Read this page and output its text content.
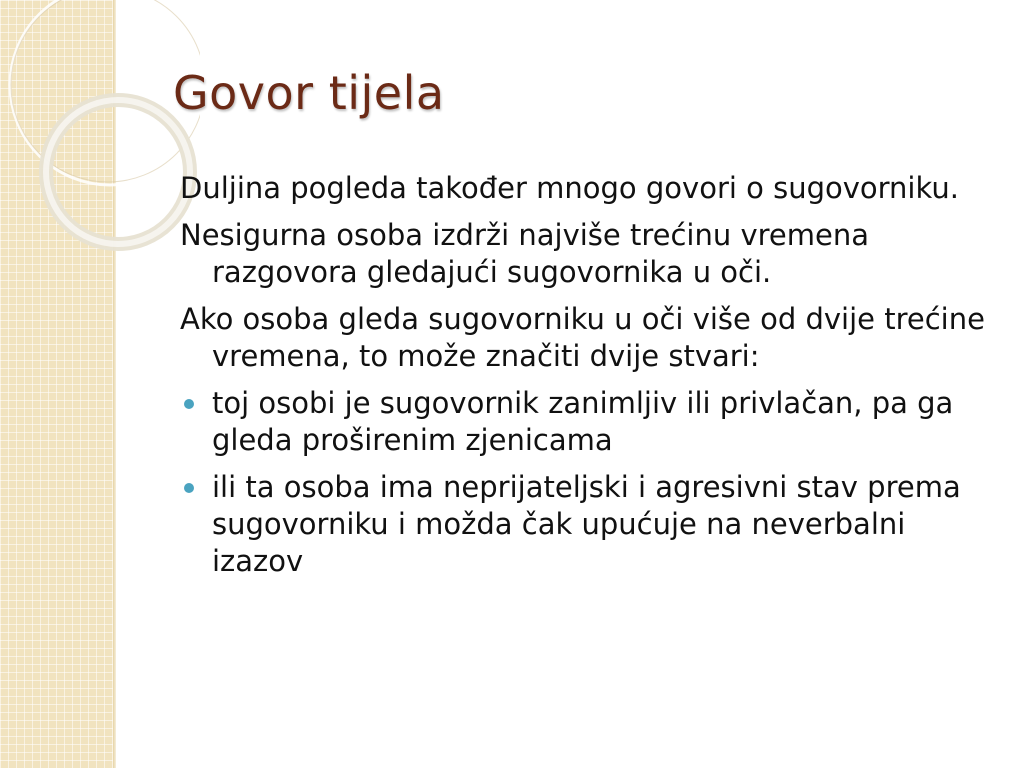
Govor tijela

Duljina pogleda također mnogo govori o sugovorniku.

Nesigurna osoba izdrži najviše trećinu vremena razgovora gledajući sugovornika u oči.

Ako osoba gleda sugovorniku u oči više od dvije trećine vremena, to može značiti dvije stvari:

toj osobi je sugovornik zanimljiv ili privlačan, pa ga gleda proširenim zjenicama
ili ta osoba ima neprijateljski i agresivni stav prema sugovorniku i možda čak upućuje na neverbalni izazov
